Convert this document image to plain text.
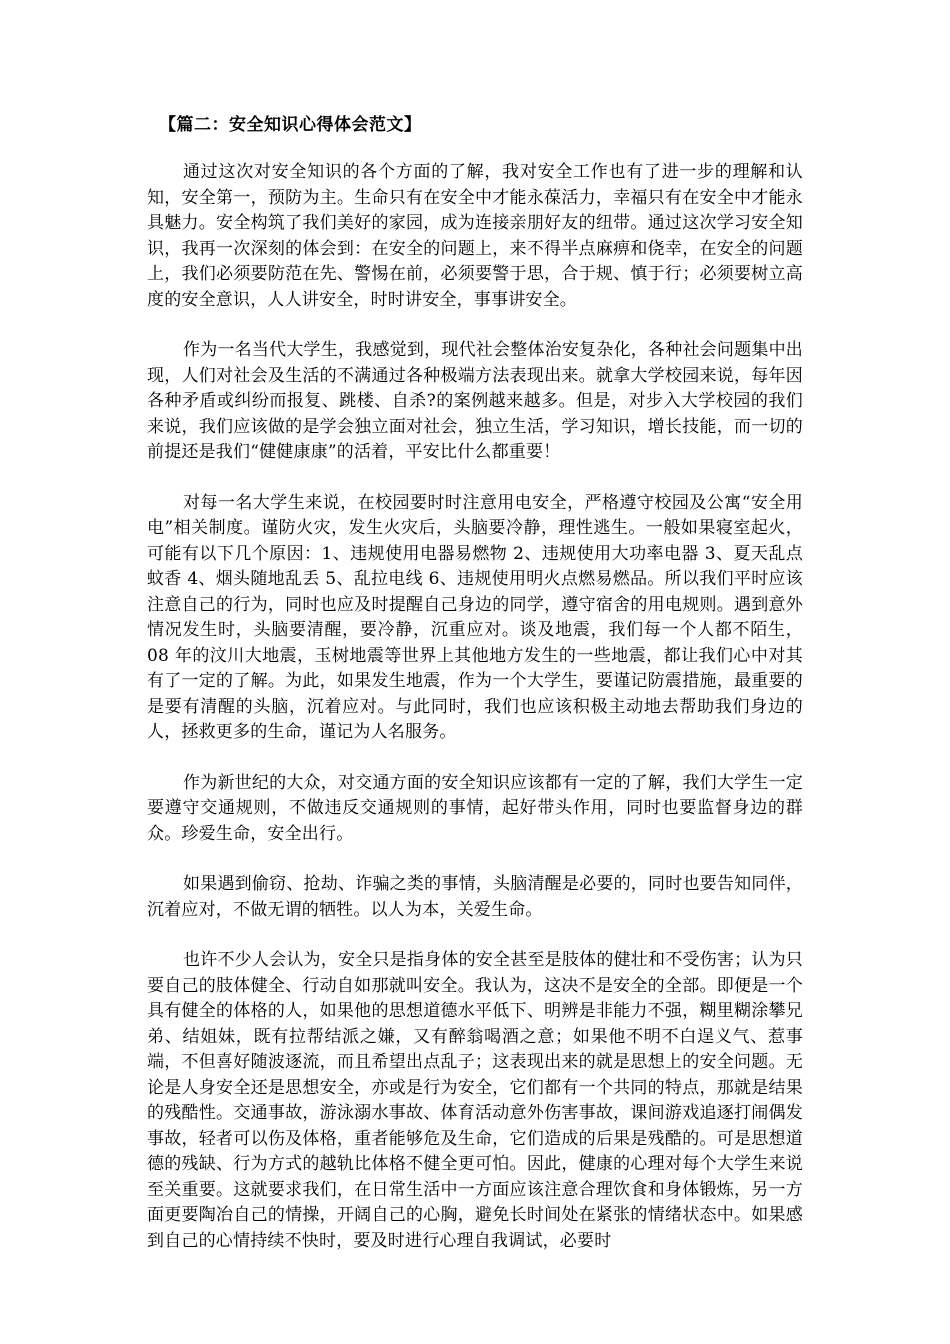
【篇二：安全知识心得体会范文】

通过这次对安全知识的各个方面的了解，我对安全工作也有了进一步的理解和认知，安全第一，预防为主。生命只有在安全中才能永葆活力，幸福只有在安全中才能永具魅力。安全构筑了我们美好的家园，成为连接亲朋好友的纽带。通过这次学习安全知识，我再一次深刻的体会到：在安全的问题上，来不得半点麻痹和侥幸，在安全的问题上，我们必须要防范在先、警惕在前，必须要警于思，合于规、慎于行；必须要树立高度的安全意识，人人讲安全，时时讲安全，事事讲安全。

作为一名当代大学生，我感觉到，现代社会整体治安复杂化，各种社会问题集中出现，人们对社会及生活的不满通过各种极端方法表现出来。就拿大学校园来说，每年因各种矛盾或纠纷而报复、跳楼、自杀?的案例越来越多。但是，对步入大学校园的我们来说，我们应该做的是学会独立面对社会，独立生活，学习知识，增长技能，而一切的前提还是我们“健健康康”的活着，平安比什么都重要！

对每一名大学生来说，在校园要时时注意用电安全，严格遵守校园及公寓“安全用电”相关制度。谨防火灾，发生火灾后，头脑要冷静，理性逃生。一般如果寝室起火，可能有以下几个原因：1、违规使用电器易燃物 2、违规使用大功率电器 3、夏天乱点蚊香 4、烟头随地乱丢 5、乱拉电线 6、违规使用明火点燃易燃品。所以我们平时应该注意自己的行为，同时也应及时提醒自己身边的同学，遵守宿舍的用电规则。遇到意外情况发生时，头脑要清醒，要冷静，沉重应对。谈及地震，我们每一个人都不陌生，08 年的汶川大地震，玉树地震等世界上其他地方发生的一些地震，都让我们心中对其有了一定的了解。为此，如果发生地震，作为一个大学生，要谨记防震措施，最重要的是要有清醒的头脑，沉着应对。与此同时，我们也应该积极主动地去帮助我们身边的人，拯救更多的生命，谨记为人名服务。

作为新世纪的大众，对交通方面的安全知识应该都有一定的了解，我们大学生一定要遵守交通规则，不做违反交通规则的事情，起好带头作用，同时也要监督身边的群众。珍爱生命，安全出行。

如果遇到偷窃、抢劫、诈骗之类的事情，头脑清醒是必要的，同时也要告知同伴，沉着应对，不做无谓的牺牲。以人为本，关爱生命。

也许不少人会认为，安全只是指身体的安全甚至是肢体的健壮和不受伤害；认为只要自己的肢体健全、行动自如那就叫安全。我认为，这决不是安全的全部。即便是一个具有健全的体格的人，如果他的思想道德水平低下、明辨是非能力不强，糊里糊涂攀兄弟、结姐妹，既有拉帮结派之嫌，又有醉翁喝酒之意；如果他不明不白逞义气、惹事端，不但喜好随波逐流，而且希望出点乱子；这表现出来的就是思想上的安全问题。无论是人身安全还是思想安全，亦或是行为安全，它们都有一个共同的特点，那就是结果的残酷性。交通事故，游泳溺水事故、体育活动意外伤害事故，课间游戏追逐打闹偶发事故，轻者可以伤及体格，重者能够危及生命，它们造成的后果是残酷的。可是思想道德的残缺、行为方式的越轨比体格不健全更可怕。因此，健康的心理对每个大学生来说至关重要。这就要求我们，在日常生活中一方面应该注意合理饮食和身体锻炼，另一方面更要陶冶自己的情操，开阔自己的心胸，避免长时间处在紧张的情绪状态中。如果感到自己的心情持续不快时，要及时进行心理自我调试，必要时
